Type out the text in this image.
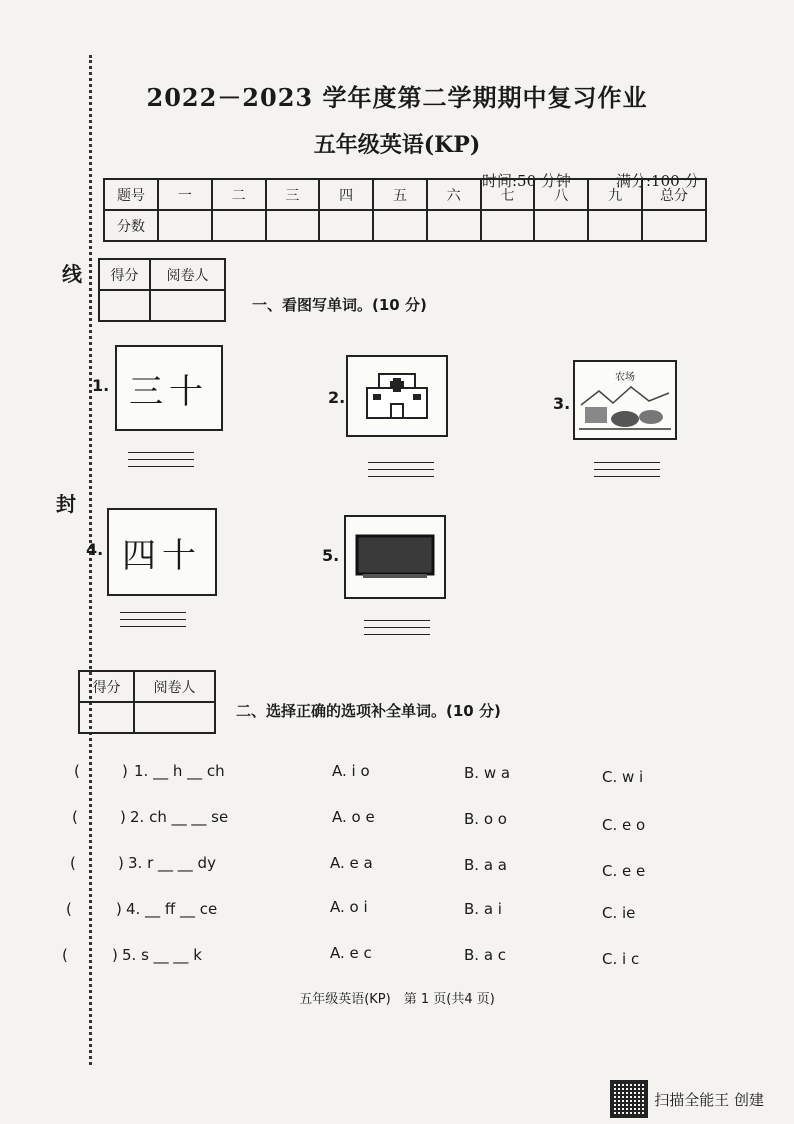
线
封
2022－2023 学年度第二学期期中复习作业
五年级英语(KP)
时间:50 分钟	满分:100 分
题号	一	二	三	四	五	六	七	八	九	总分
分数										
得分	阅卷人

一、看图写单词。(10 分)
1. 三十	2.	3.
农场
4. 四十	5.
得分	阅卷人

二、选择正确的选项补全单词。(10 分)
(	) 1. __ h __ ch	A. i o	B. w a	C. w i
(	) 2. ch __ __ se	A. o e	B. o o	C. e o
(	) 3. r __ __ dy	A. e a	B. a a	C. e e
(	) 4. __ ff __ ce	A. o i	B. a i	C. ie
(	) 5. s __ __ k	A. e c	B. a c	C. i c
五年级英语(KP)　第 1 页(共4 页)
扫描全能王 创建
